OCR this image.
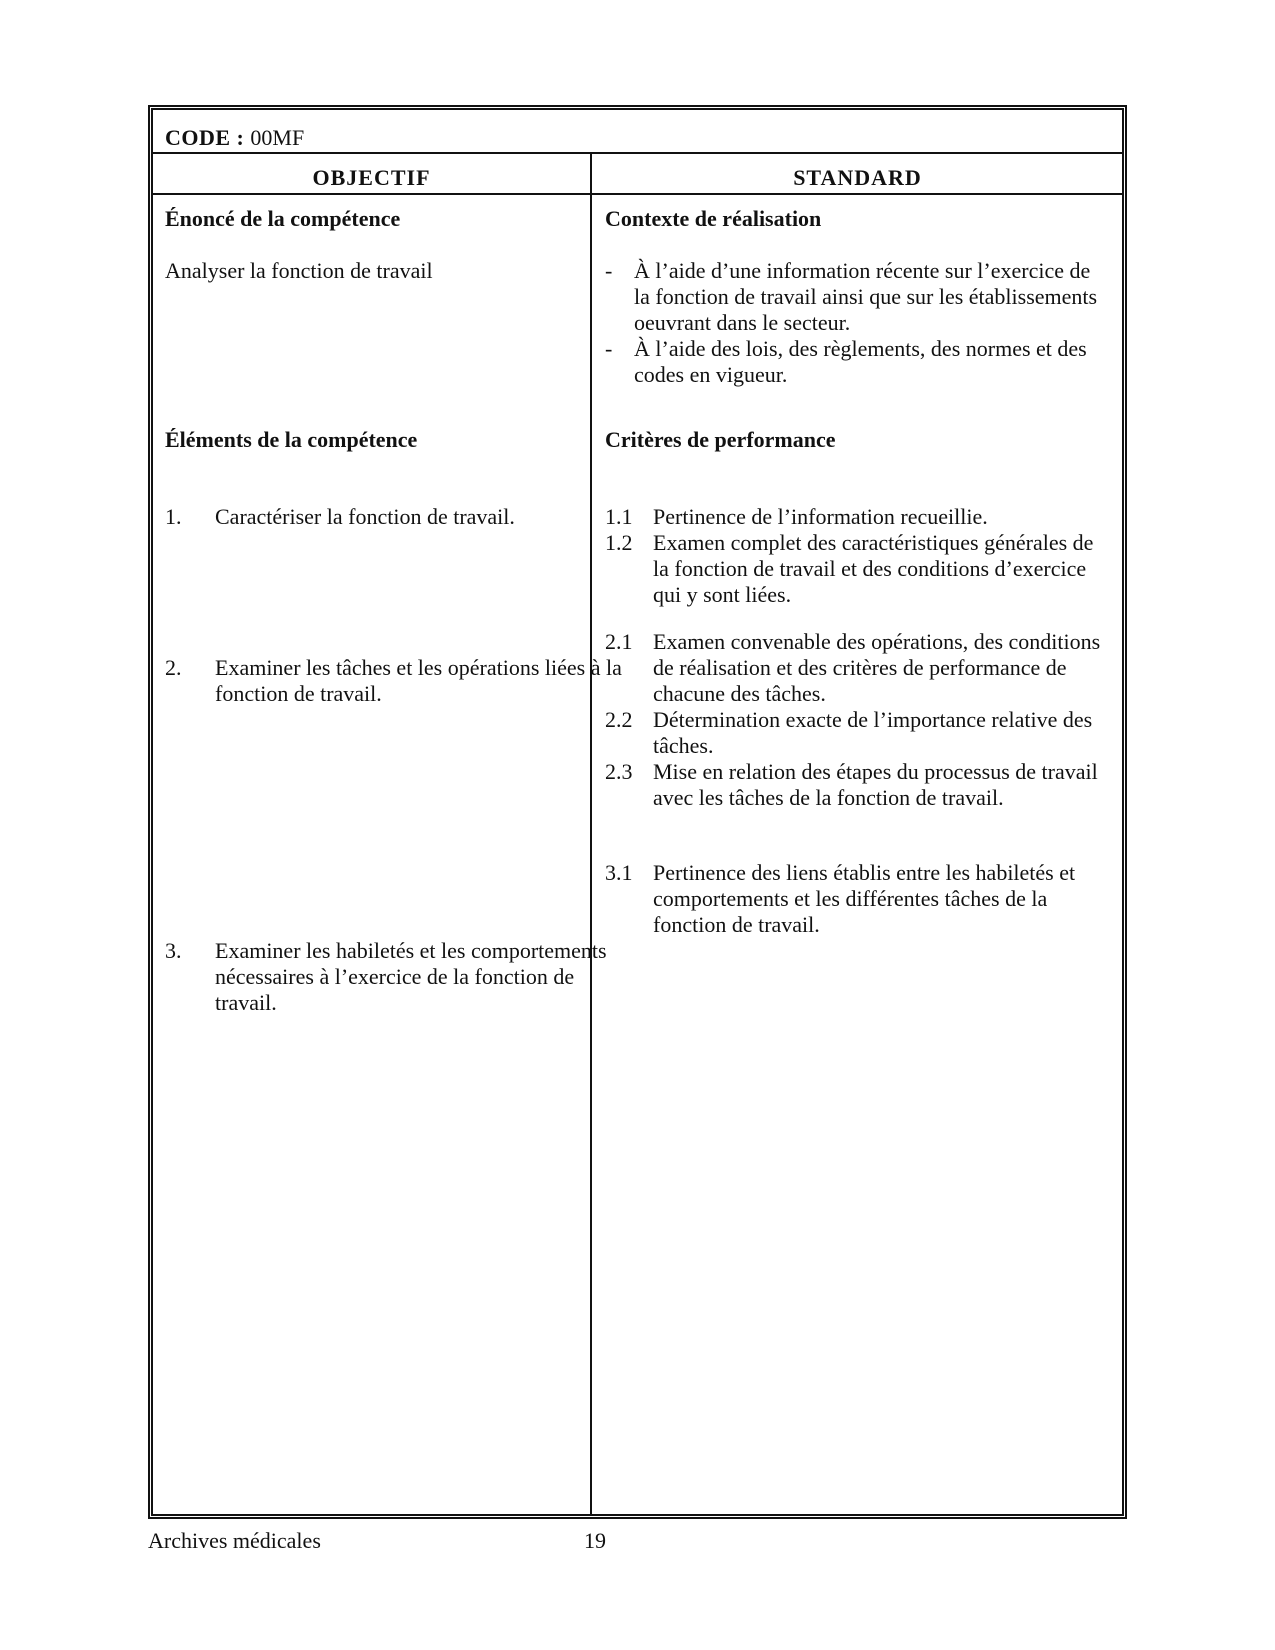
CODE : 00MF
OBJECTIF	STANDARD
Énoncé de la compétence
Analyser la fonction de travail
Éléments de la compétence
1. Caractériser la fonction de travail.
2. Examiner les tâches et les opérations liées à la fonction de travail.
3. Examiner les habiletés et les comportements nécessaires à l’exercice de la fonction de travail.
Contexte de réalisation
- À l’aide d’une information récente sur l’exercice de la fonction de travail ainsi que sur les établissements oeuvrant dans le secteur.
- À l’aide des lois, des règlements, des normes et des codes en vigueur.
Critères de performance
1.1 Pertinence de l’information recueillie.
1.2 Examen complet des caractéristiques générales de la fonction de travail et des conditions d’exercice qui y sont liées.
2.1 Examen convenable des opérations, des conditions de réalisation et des critères de performance de chacune des tâches.
2.2 Détermination exacte de l’importance relative des tâches.
2.3 Mise en relation des étapes du processus de travail avec les tâches de la fonction de travail.
3.1 Pertinence des liens établis entre les habiletés et comportements et les différentes tâches de la fonction de travail.
Archives médicales	19
